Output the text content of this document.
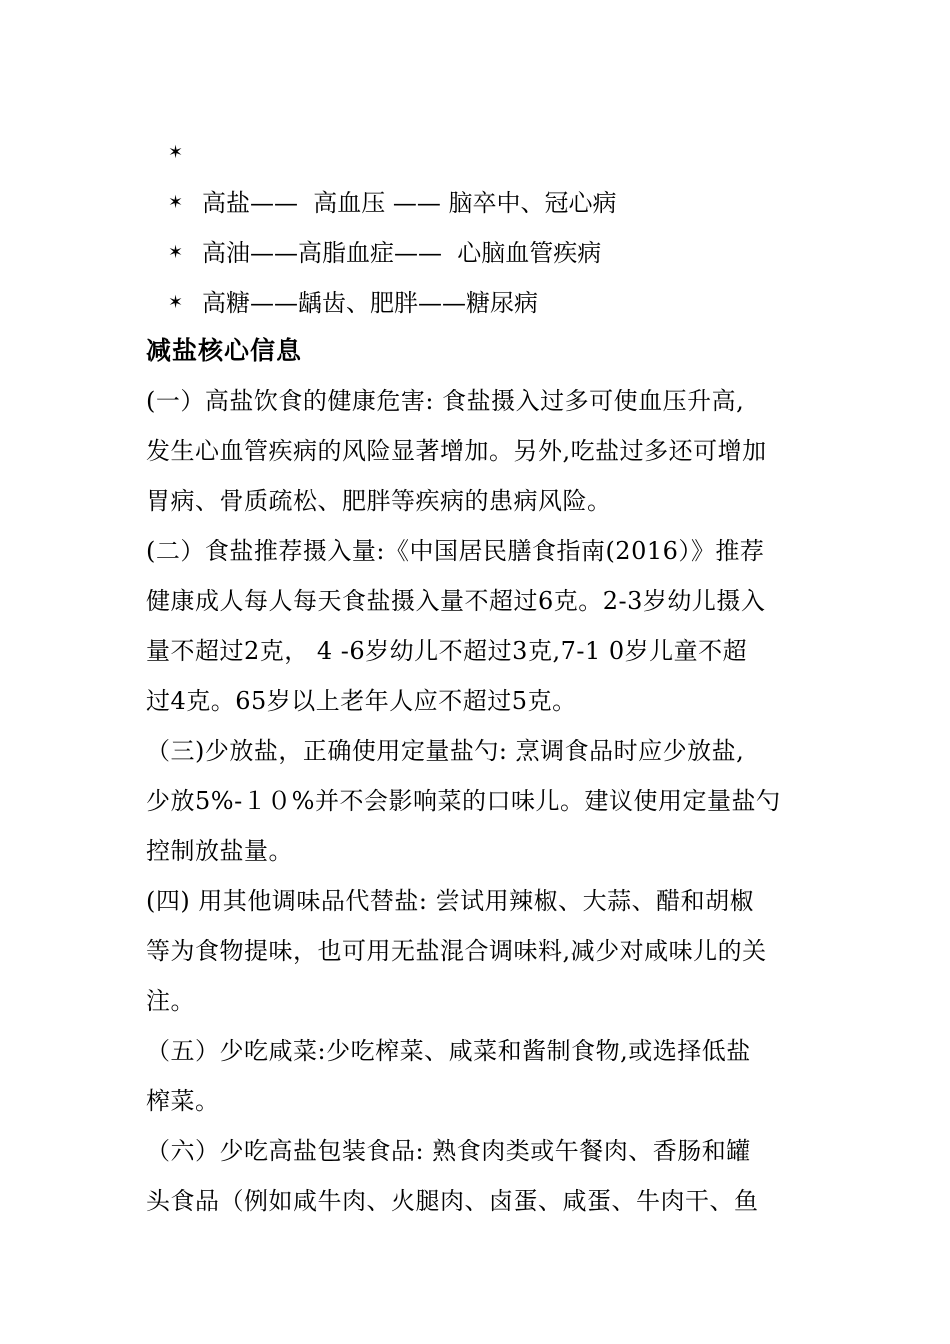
✶
✶ 高盐——  高血压 —— 脑卒中、冠心病
✶ 高油——高脂血症——  心脑血管疾病
✶ 高糖——龋齿、肥胖——糖尿病
减盐核心信息
(一）高盐饮食的健康危害: 食盐摄入过多可使血压升高,
发生心血管疾病的风险显著增加。另外,吃盐过多还可增加
胃病、骨质疏松、肥胖等疾病的患病风险。
(二）食盐推荐摄入量:《中国居民膳食指南(2016）》推荐
健康成人每人每天食盐摄入量不超过6克。2-3岁幼儿摄入
量不超过2克， 4 -6岁幼儿不超过3克,7-1 0岁儿童不超
过4克。65岁以上老年人应不超过5克。
（三)少放盐，正确使用定量盐勺: 烹调食品时应少放盐,
少放5%-１０%并不会影响菜的口味儿。建议使用定量盐勺
控制放盐量。
(四) 用其他调味品代替盐: 尝试用辣椒、大蒜、醋和胡椒
等为食物提味，也可用无盐混合调味料,减少对咸味儿的关
注。
（五）少吃咸菜:少吃榨菜、咸菜和酱制食物,或选择低盐
榨菜。
（六）少吃高盐包装食品: 熟食肉类或午餐肉、香肠和罐
头食品（例如咸牛肉、火腿肉、卤蛋、咸蛋、牛肉干、鱼
